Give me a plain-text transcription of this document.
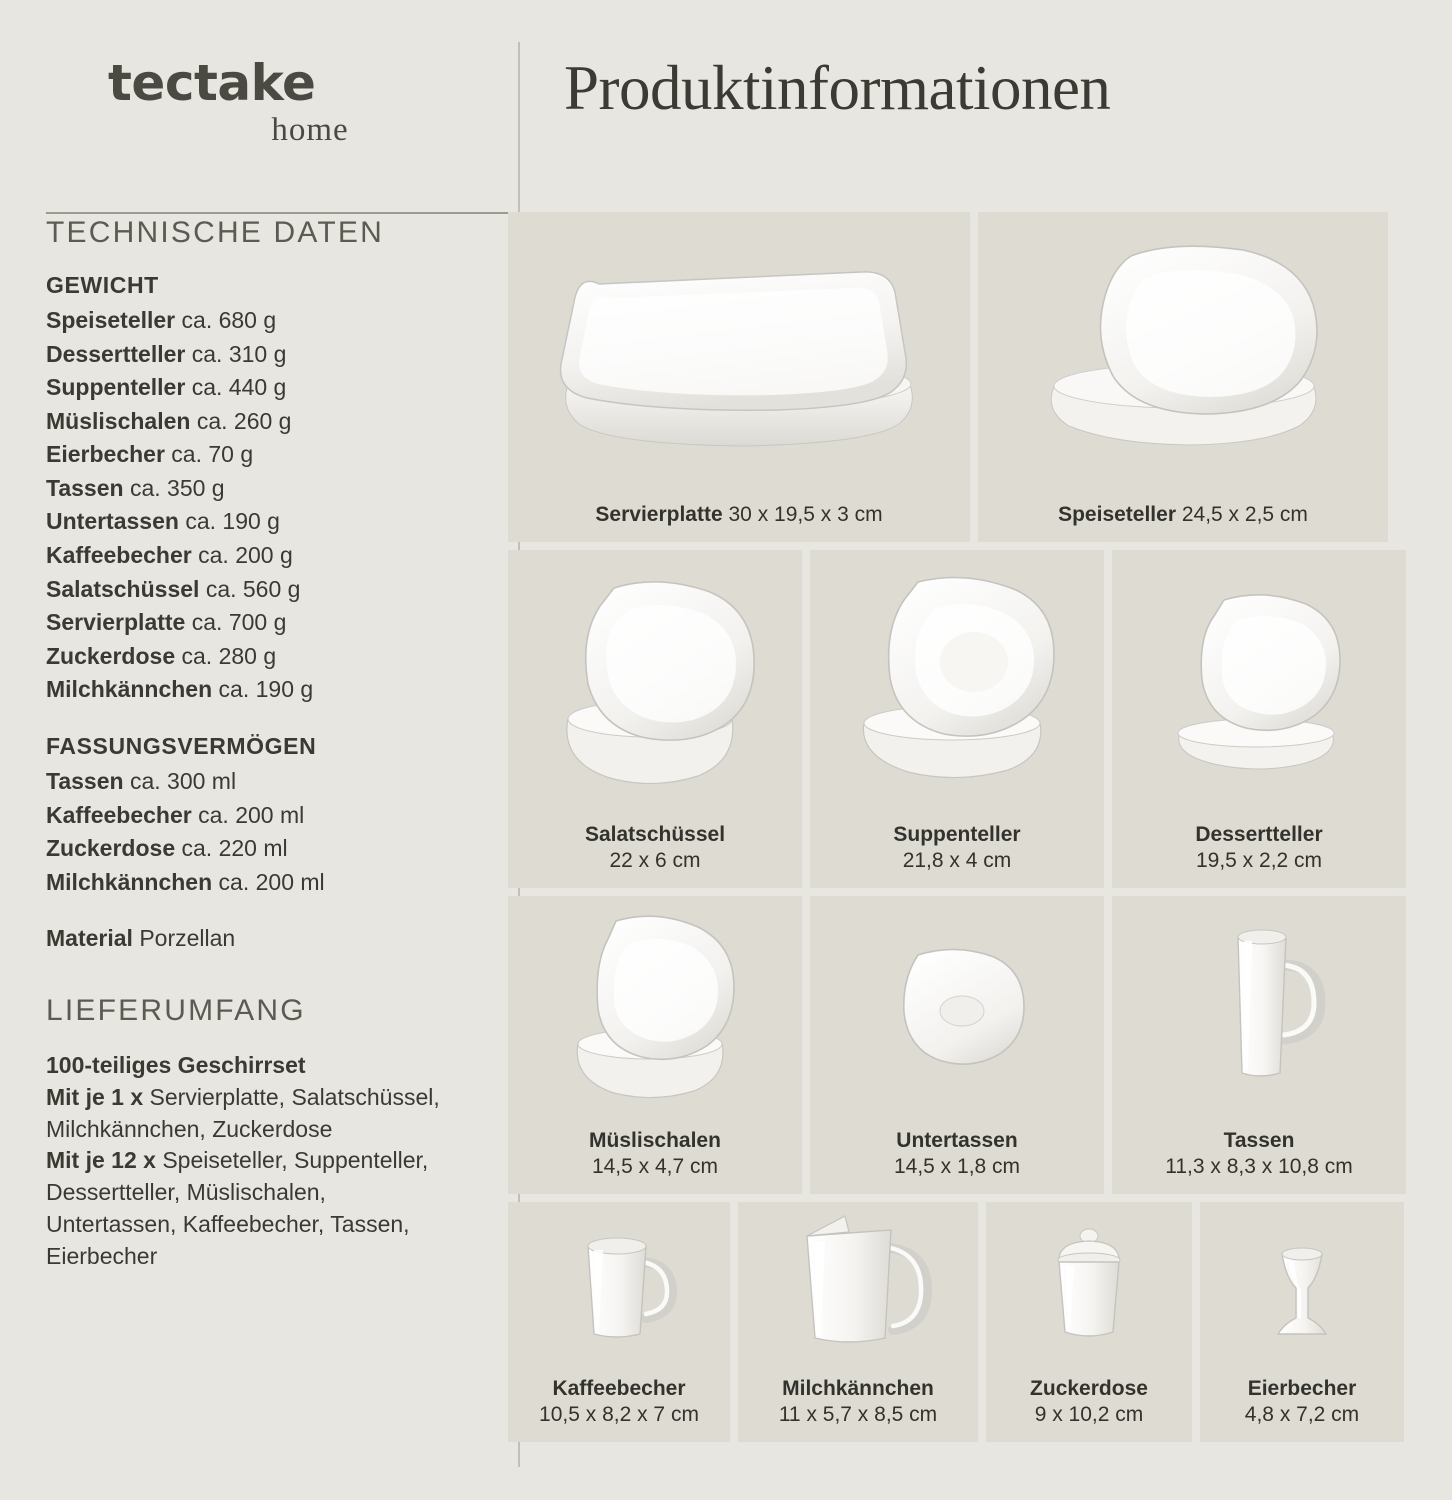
tectake
home
Produktinformationen
TECHNISCHE DATEN
GEWICHT
Speiseteller ca. 680 g
Dessertteller ca. 310 g
Suppenteller ca. 440 g
Müslischalen ca. 260 g
Eierbecher ca. 70 g
Tassen ca. 350 g
Untertassen ca. 190 g
Kaffeebecher ca. 200 g
Salatschüssel ca. 560 g
Servierplatte ca. 700 g
Zuckerdose ca. 280 g
Milchkännchen ca. 190 g
FASSUNGSVERMÖGEN
Tassen ca. 300 ml
Kaffeebecher ca. 200 ml
Zuckerdose ca. 220 ml
Milchkännchen ca. 200 ml
Material Porzellan
LIEFERUMFANG
100-teiliges Geschirrset
Mit je 1 x Servierplatte, Salatschüssel, Milchkännchen, Zuckerdose
Mit je 12 x Speiseteller, Suppenteller, Dessertteller, Müslischalen, Untertassen, Kaffeebecher, Tassen, Eierbecher
Servierplatte 30 x 19,5 x 3 cm	Speiseteller 24,5 x 2,5 cm
Salatschüssel
22 x 6 cm
Suppenteller
21,8 x 4 cm
Dessertteller
19,5 x 2,2 cm
Müslischalen
14,5 x 4,7 cm
Untertassen
14,5 x 1,8 cm
Tassen
11,3 x 8,3 x 10,8 cm
Kaffeebecher
10,5 x 8,2 x 7 cm
Milchkännchen
11 x 5,7 x 8,5 cm
Zuckerdose
9 x 10,2 cm
Eierbecher
4,8 x 7,2 cm
